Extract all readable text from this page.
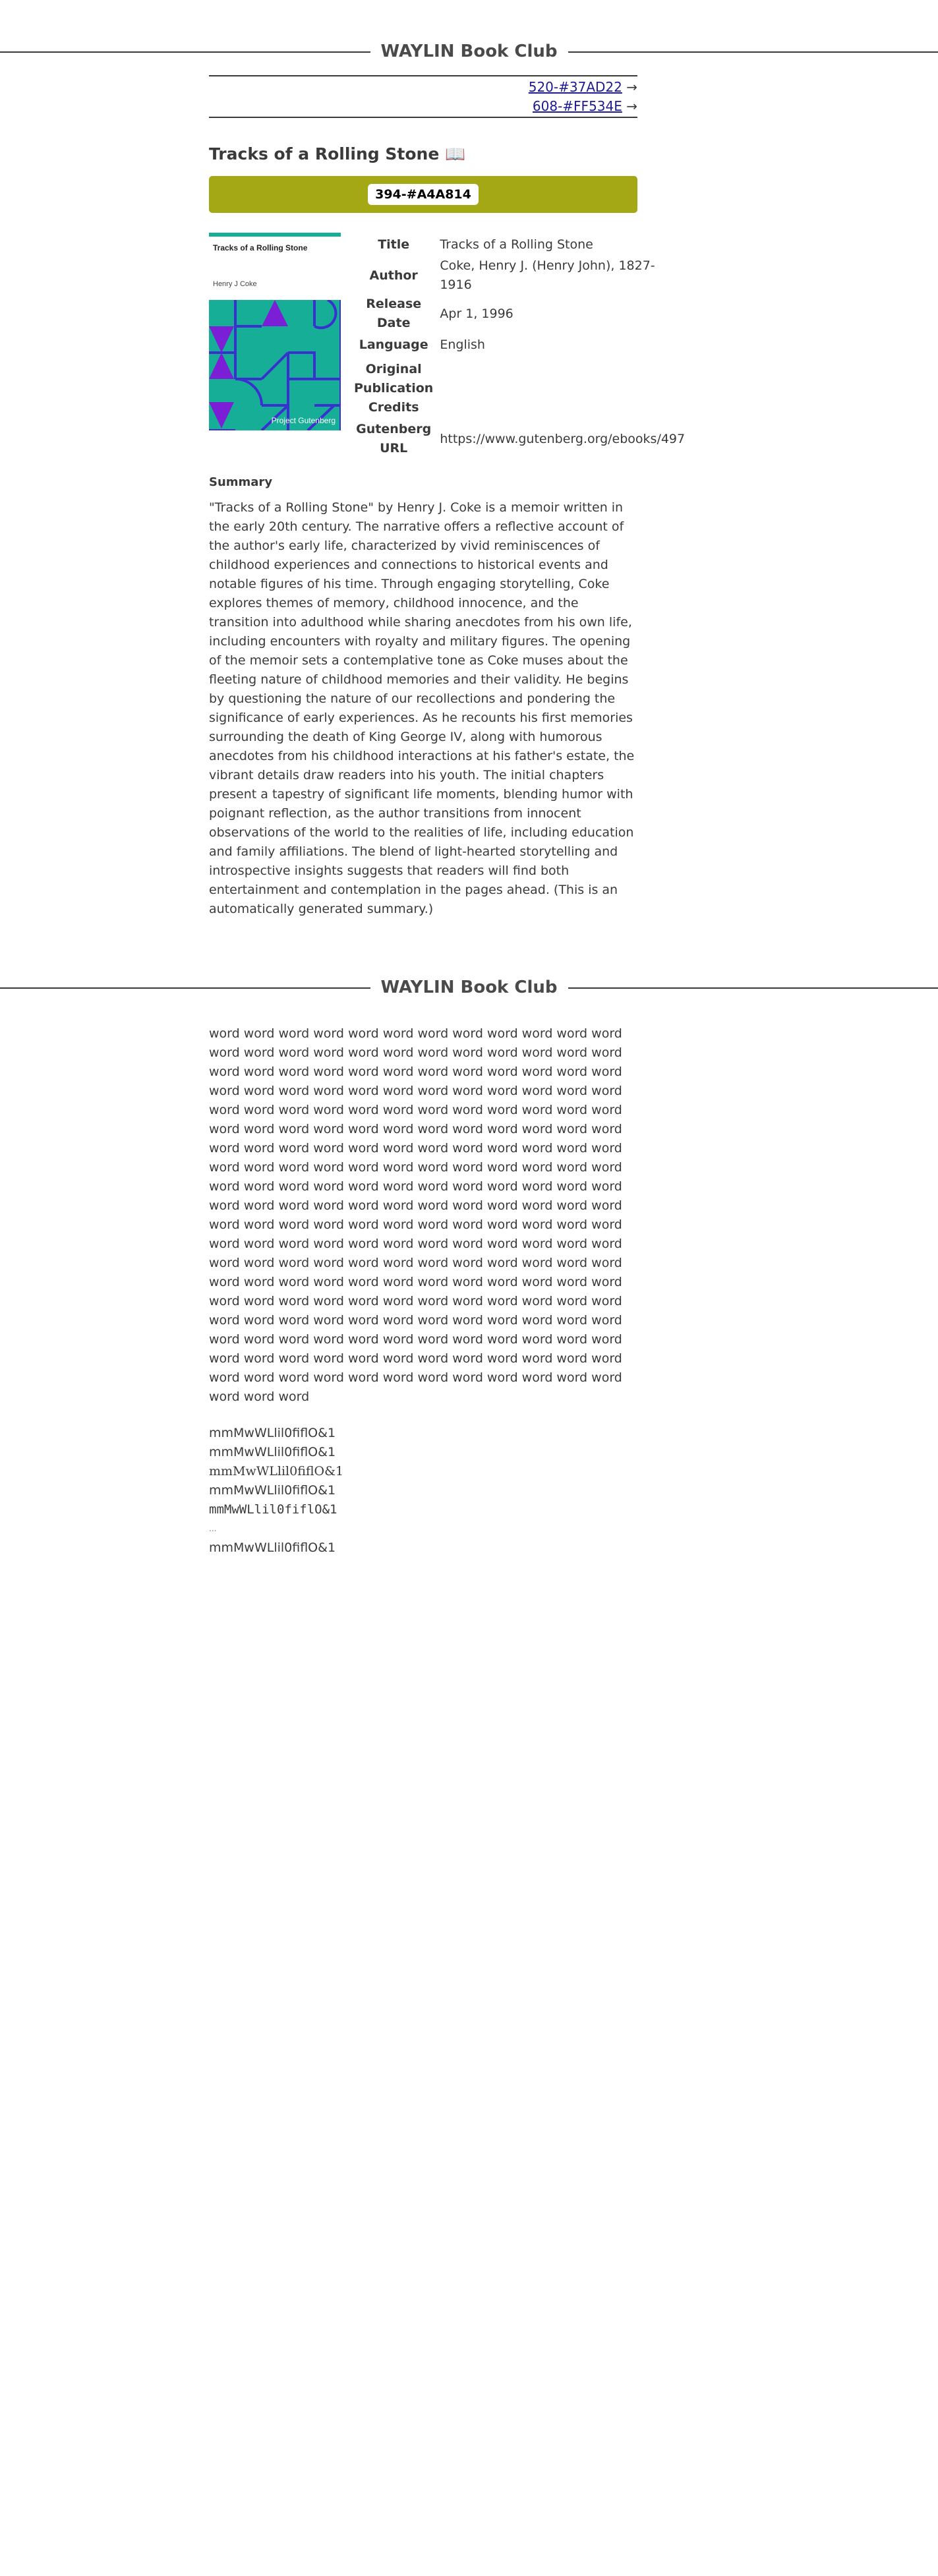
WAYLIN Book Club
520-#37AD22 →
608-#FF534E →
Tracks of a Rolling Stone 📖
394-#A4A814
Tracks of a Rolling Stone
Henry J Coke
Project Gutenberg
Title	Tracks of a Rolling Stone
Author	Coke, Henry J. (Henry John), 1827-1916
Release Date	Apr 1, 1996
Language	English
Original Publication Credits	
Gutenberg URL	https://www.gutenberg.org/ebooks/497
Summary
"Tracks of a Rolling Stone" by Henry J. Coke is a memoir written in the early 20th century. The narrative offers a reflective account of the author's early life, characterized by vivid reminiscences of childhood experiences and connections to historical events and notable figures of his time. Through engaging storytelling, Coke explores themes of memory, childhood innocence, and the transition into adulthood while sharing anecdotes from his own life, including encounters with royalty and military figures. The opening of the memoir sets a contemplative tone as Coke muses about the fleeting nature of childhood memories and their validity. He begins by questioning the nature of our recollections and pondering the significance of early experiences. As he recounts his first memories surrounding the death of King George IV, along with humorous anecdotes from his childhood interactions at his father's estate, the vibrant details draw readers into his youth. The initial chapters present a tapestry of significant life moments, blending humor with poignant reflection, as the author transitions from innocent observations of the world to the realities of life, including education and family affiliations. The blend of light-hearted storytelling and introspective insights suggests that readers will find both entertainment and contemplation in the pages ahead. (This is an automatically generated summary.)
WAYLIN Book Club
word word word word word word word word word word word word word word word word word word word word word word word word word word word word word word word word word word word word word word word word word word word word word word word word word word word word word word word word word word word word word word word word word word word word word word word word word word word word word word word word word word word word word word word word word word word word word word word word word word word word word word word word word word word word word word word word word word word word word word word word word word word word word word word word word word word word word word word word word word word word word word word word word word word word word word word word word word word word word word word word word word word word word word word word word word word word word word word word word word word word word word word word word word word word word word word word word word word word word word word word word word word word word word word word word word word word word word word word word word word word word word word word word word word word word word word
mmMwWLlil0fiflO&1
mmMwWLlil0fiflO&1
mmMwWLlil0fiflO&1
mmMwWLlil0fiflO&1
mmMwWLlil0fiflO&1
...
mmMwWLlil0fiflO&1
